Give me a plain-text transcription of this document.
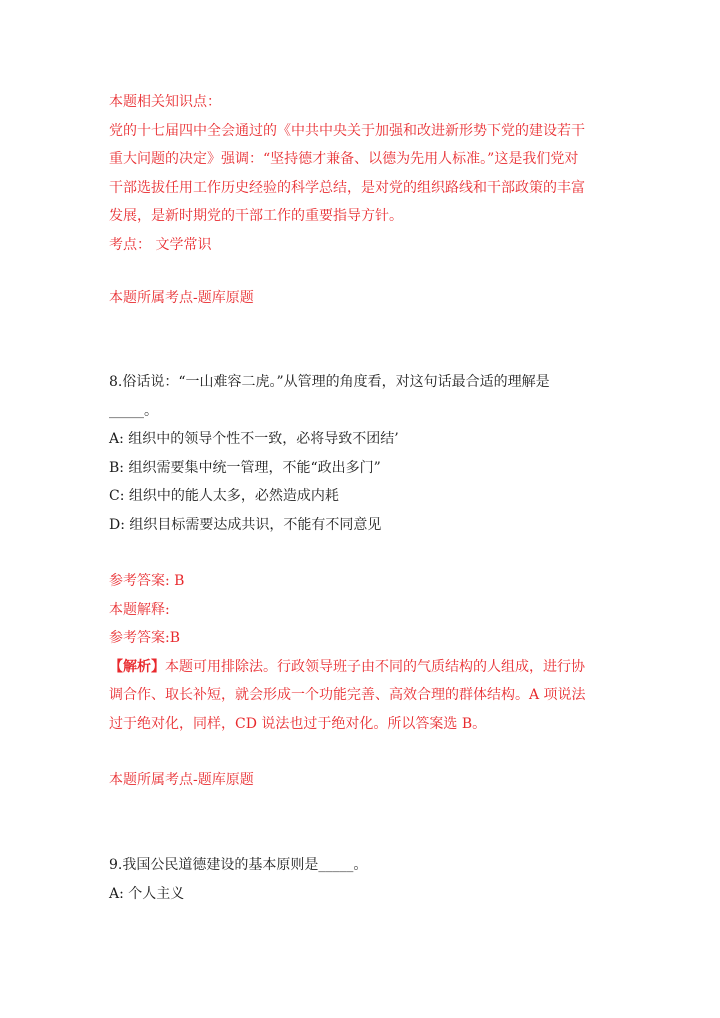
本题相关知识点：
党的十七届四中全会通过的《中共中央关于加强和改进新形势下党的建设若干
重大问题的决定》强调：“坚持德才兼备、以德为先用人标准。”这是我们党对
干部选拔任用工作历史经验的科学总结，是对党的组织路线和干部政策的丰富
发展，是新时期党的干部工作的重要指导方针。
考点： 文学常识
本题所属考点-题库原题
8.俗话说：“一山难容二虎。”从管理的角度看，对这句话最合适的理解是
_____。
A: 组织中的领导个性不一致，必将导致不团结’
B: 组织需要集中统一管理，不能“政出多门”
C: 组织中的能人太多，必然造成内耗
D: 组织目标需要达成共识，不能有不同意见
参考答案: B
本题解释:
参考答案:B
【解析】本题可用排除法。行政领导班子由不同的气质结构的人组成，进行协
调合作、取长补短，就会形成一个功能完善、高效合理的群体结构。A 项说法
过于绝对化，同样，CD 说法也过于绝对化。所以答案选 B。
本题所属考点-题库原题
9.我国公民道德建设的基本原则是_____。
A: 个人主义
